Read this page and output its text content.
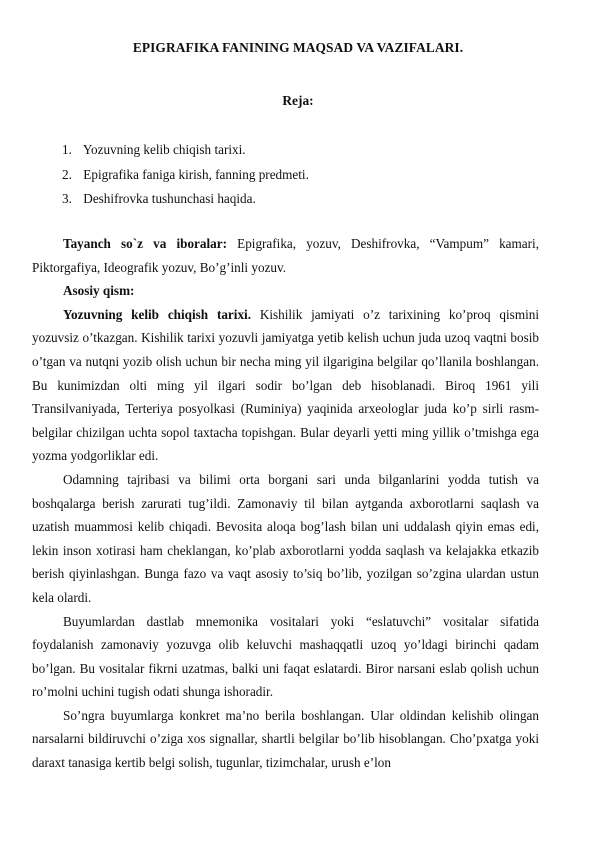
EPIGRAFIKA FANINING MAQSAD VA VAZIFALARI.
Reja:
1. Yozuvning kelib chiqish tarixi.
2. Epigrafika faniga kirish, fanning predmeti.
3. Deshifrovka tushunchasi haqida.

Tayanch so`z va iboralar: Epigrafika, yozuv, Deshifrovka, “Vampum” kamari, Piktorgafiya, Ideografik yozuv, Bo’g’inli yozuv.

Asosiy qism:

Yozuvning kelib chiqish tarixi. Kishilik jamiyati o’z tarixining ko’proq qismini yozuvsiz o’tkazgan. Kishilik tarixi yozuvli jamiyatga yetib kelish uchun juda uzoq vaqtni bosib o’tgan va nutqni yozib olish uchun bir necha ming yil ilgarigina belgilar qo’llanila boshlangan. Bu kunimizdan olti ming yil ilgari sodir bo’lgan deb hisoblanadi. Biroq 1961 yili Transilvaniyada, Terteriya posyolkasi (Ruminiya) yaqinida arxeologlar juda ko’p sirli rasm-belgilar chizilgan uchta sopol taxtacha topishgan. Bular deyarli yetti ming yillik o’tmishga ega yozma yodgorliklar edi.

Odamning tajribasi va bilimi orta borgani sari unda bilganlarini yodda tutish va boshqalarga berish zarurati tug’ildi. Zamonaviy til bilan aytganda axborotlarni saqlash va uzatish muammosi kelib chiqadi. Bevosita aloqa bog’lash bilan uni uddalash qiyin emas edi, lekin inson xotirasi ham cheklangan, ko’plab axborotlarni yodda saqlash va kelajakka etkazib berish qiyinlashgan. Bunga fazo va vaqt asosiy to’siq bo’lib, yozilgan so’zgina ulardan ustun kela olardi.

Buyumlardan dastlab mnemonika vositalari yoki “eslatuvchi” vositalar sifatida foydalanish zamonaviy yozuvga olib keluvchi mashaqqatli uzoq yo’ldagi birinchi qadam bo’lgan. Bu vositalar fikrni uzatmas, balki uni faqat eslatardi. Biror narsani eslab qolish uchun ro’molni uchini tugish odati shunga ishoradir.

So’ngra buyumlarga konkret ma’no berila boshlangan. Ular oldindan kelishib olingan narsalarni bildiruvchi o’ziga xos signallar, shartli belgilar bo’lib hisoblangan. Cho’pxatga yoki daraxt tanasiga kertib belgi solish, tugunlar, tizimchalar, urush e’lon
